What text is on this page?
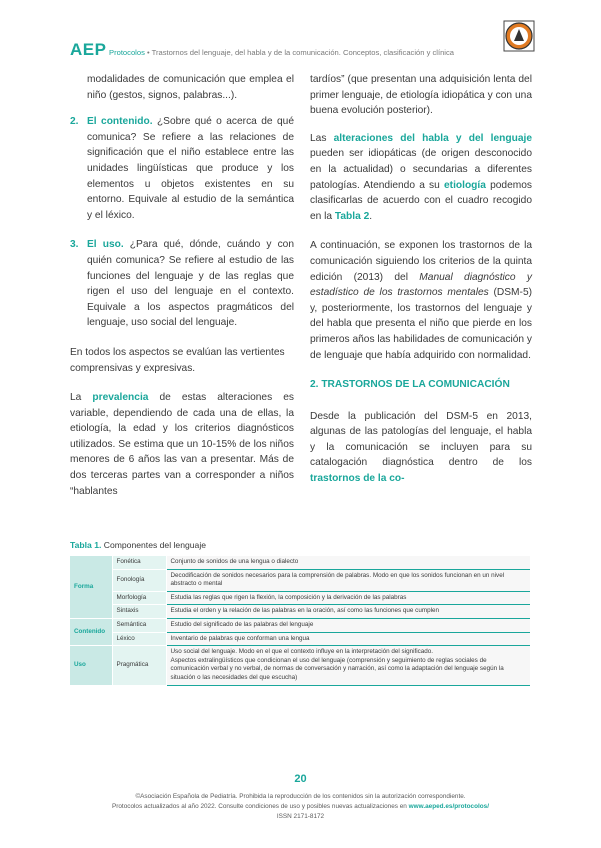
AEP Protocolos • Trastornos del lenguaje, del habla y de la comunicación. Conceptos, clasificación y clínica

modalidades de comunicación que emplea el niño (gestos, signos, palabras...).

2. El contenido. ¿Sobre qué o acerca de qué comunica? Se refiere a las relaciones de significación que el niño establece entre las unidades lingüísticas que produce y los elementos u objetos existentes en su entorno. Equivale al estudio de la semántica y el léxico.
3. El uso. ¿Para qué, dónde, cuándo y con quién comunica? Se refiere al estudio de las funciones del lenguaje y de las reglas que rigen el uso del lenguaje en el contexto. Equivale a los aspectos pragmáticos del lenguaje, uso social del lenguaje.

En todos los aspectos se evalúan las vertientes comprensivas y expresivas.

La prevalencia de estas alteraciones es variable, dependiendo de cada una de ellas, la etiología, la edad y los criterios diagnósticos utilizados. Se estima que un 10-15% de los niños menores de 6 años las van a presentar. Más de dos terceras partes van a corresponder a niños “hablantes

tardíos” (que presentan una adquisición lenta del primer lenguaje, de etiología idiopática y con una buena evolución posterior).

Las alteraciones del habla y del lenguaje pueden ser idiopáticas (de origen desconocido en la actualidad) o secundarias a diferentes patologías. Atendiendo a su etiología podemos clasificarlas de acuerdo con el cuadro recogido en la Tabla 2.

A continuación, se exponen los trastornos de la comunicación siguiendo los criterios de la quinta edición (2013) del Manual diagnóstico y estadístico de los trastornos mentales (DSM-5) y, posteriormente, los trastornos del lenguaje y del habla que presenta el niño que pierde en los primeros años las habilidades de comunicación y de lenguaje que había adquirido con normalidad.

2. TRASTORNOS DE LA COMUNICACIÓN

Desde la publicación del DSM-5 en 2013, algunas de las patologías del lenguaje, el habla y la comunicación se incluyen para su catalogación diagnóstica dentro de los trastornos de la co-

Tabla 1. Componentes del lenguaje
Forma	Fonética	Conjunto de sonidos de una lengua o dialecto
	Fonología	Decodificación de sonidos necesarios para la comprensión de palabras. Modo en que los sonidos funcionan en un nivel abstracto o mental
	Morfología	Estudia las reglas que rigen la flexión, la composición y la derivación de las palabras
	Sintaxis	Estudia el orden y la relación de las palabras en la oración, así como las funciones que cumplen
Contenido	Semántica	Estudio del significado de las palabras del lenguaje
	Léxico	Inventario de palabras que conforman una lengua
Uso	Pragmática	Uso social del lenguaje. Modo en el que el contexto influye en la interpretación del significado.
Aspectos extralingüísticos que condicionan el uso del lenguaje (comprensión y seguimiento de reglas sociales de comunicación verbal y no verbal, de normas de conversación y narración, así como la adaptación del lenguaje según la situación o las necesidades del que escucha)
20
©Asociación Española de Pediatría. Prohibida la reproducción de los contenidos sin la autorización correspondiente.
Protocolos actualizados al año 2022. Consulte condiciones de uso y posibles nuevas actualizaciones en www.aeped.es/protocolos/
ISSN 2171-8172
